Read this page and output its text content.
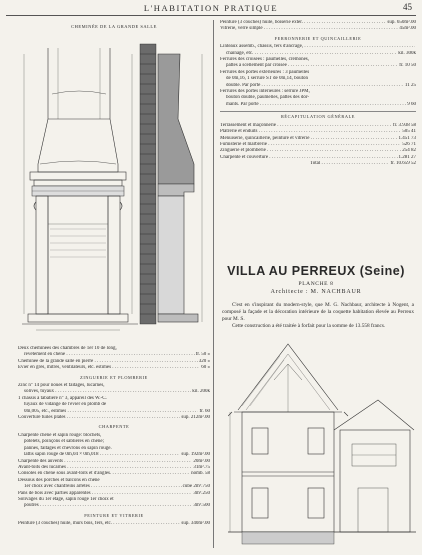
L'HABITATION PRATIQUE	45
CHEMINÉE DE LA GRANDE SALLE
Peinture (3 couches) huile, boiserie extér. . . .	sup. 650m².00
Vitrerie, verre simple . . .	45m².00
FERRONNERIE ET QUINCAILLERIE
Linteaux assemb., châssis, fers d'ancrage, . . .
chaînage, etc. . . .	kil. 300k
Ferrures des croisées : paumelles, crémones,
pattes à scellement par croisée . . .	fr. 10 50
Ferrures des portes extérieures : 3 paumelles
de 0m,16, 1 serrure ST de 0m,14, bouton
double. Par porte . . .	11 25
Ferrures des portes intérieures : serrure JPM,
bouton double, paumelles, pattes des dor-
mants. Par porte . . .	9 60
RÉCAPITULATION GÉNÉRALE
Terrassement et maçonnerie . . .	fr. 3.938 58
Plâtrerie et enduits . . .	505 41
Menuiserie, quincaillerie, peinture et vitrerie . . .	1.451 73
Fumisterie et marbrerie . . .	526 71
Zinguerie et plomberie . . .	254 82
Charpente et couverture . . .	1.281 27
Total . . .	fr. 10.659 52
VILLA AU PERREUX (Seine)
PLANCHE 8
Architecte : M. NACHBAUR

C'est en s'inspirant du modern-style, que M. G. Nachbaur, architecte à Nogent, a composé la façade et la décoration intérieure de la coquette habitation élevée au Perreux pour M. S.

Cette construction a été traitée à forfait pour la somme de 13.558 francs.

Deux cheminées des chambres de 1er 10 de long,
revêtement en chêne . . .	fr. 50 »
Cheminée de la grande salle en pierre . . .	320 »
Évier en grès, mitres, ventilateurs, etc. estimés . . .	60 »
ZINGUERIE ET PLOMBERIE
Zinc n° 14 pour noues et faîtages, lucarnes,
solives, tuyaux . . .	kil. 200k
1 châssis à tabatière n° 3, appareil des W.-C.
tuyaux de vidange de l'évier en plomb de
0m,005, etc., estimés . . .	fr. 60
Couverture tuiles plates . . .	sup. 212m².00
CHARPENTE
Charpente chêne et sapin rouge: blochets,
potelets, poinçons et sablières en chêne;
pannes, faîtages et chevrons en sapin rouge.
lattis sapin rouge de 0m,04 × 0m,018 . . .	sup. 192m².00
Charpente des auvents . . .	20m².00
Avant-toits des lucarnes . . .	31m².75
Consoles en chêne sous avant-toits et d'angles. . . .	nomb. 58
Dessous des porches et balcons en chêne
1er choix avec chanfreins arrêtés . . .	cube 2m³.750
Pans de bois avec parties apparentes . . .	3m³.250
Solivages du 1er étage, sapin rouge 1er choix et
poutres . . .	3m³.500
PEINTURE ET VITRERIE
Peinture (3 couches) huile, murs bois, fers, etc. . . .	sup. 340m².00
